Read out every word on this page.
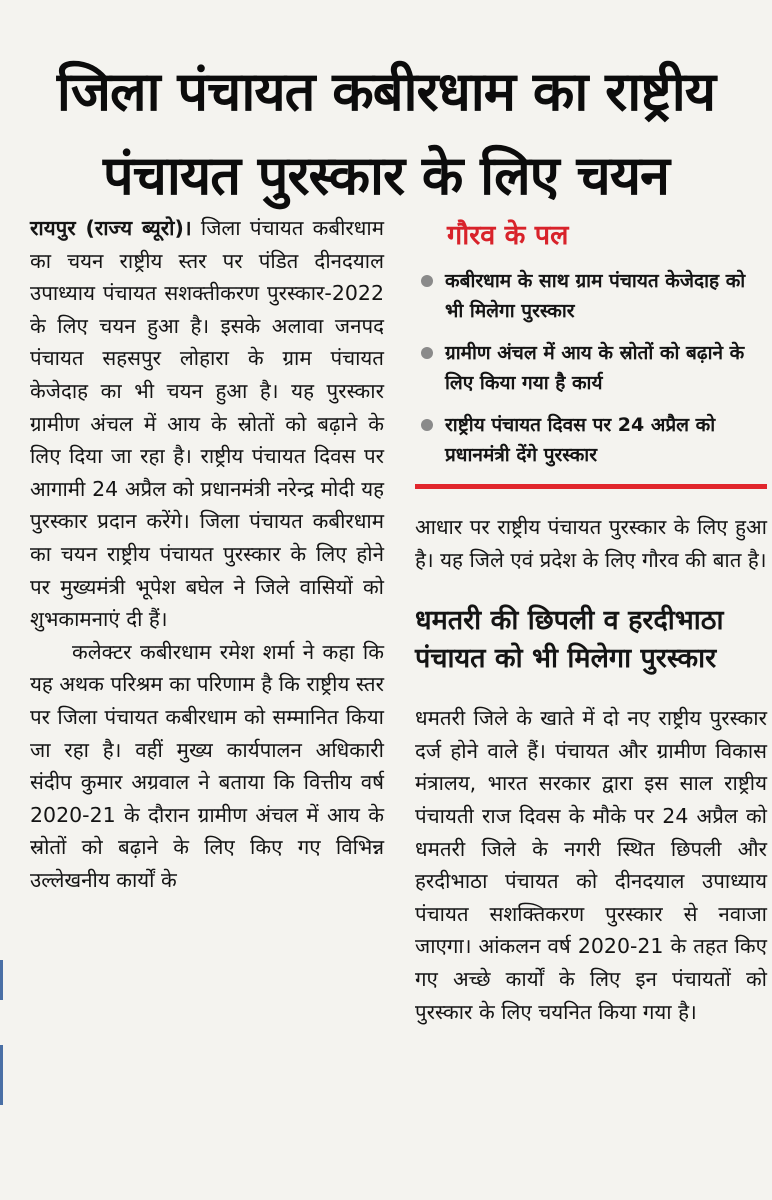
जिला पंचायत कबीरधाम का राष्ट्रीय पंचायत पुरस्कार के लिए चयन

रायपुर (राज्य ब्यूरो)। जिला पंचायत कबीरधाम का चयन राष्ट्रीय स्तर पर पंडित दीनदयाल उपाध्याय पंचायत सशक्तीकरण पुरस्कार-2022 के लिए चयन हुआ है। इसके अलावा जनपद पंचायत सहसपुर लोहारा के ग्राम पंचायत केजेदाह का भी चयन हुआ है। यह पुरस्कार ग्रामीण अंचल में आय के स्रोतों को बढ़ाने के लिए दिया जा रहा है। राष्ट्रीय पंचायत दिवस पर आगामी 24 अप्रैल को प्रधानमंत्री नरेन्द्र मोदी यह पुरस्कार प्रदान करेंगे। जिला पंचायत कबीरधाम का चयन राष्ट्रीय पंचायत पुरस्कार के लिए होने पर मुख्यमंत्री भूपेश बघेल ने जिले वासियों को शुभकामनाएं दी हैं।

कलेक्टर कबीरधाम रमेश शर्मा ने कहा कि यह अथक परिश्रम का परिणाम है कि राष्ट्रीय स्तर पर जिला पंचायत कबीरधाम को सम्मानित किया जा रहा है। वहीं मुख्य कार्यपालन अधिकारी संदीप कुमार अग्रवाल ने बताया कि वित्तीय वर्ष 2020-21 के दौरान ग्रामीण अंचल में आय के स्रोतों को बढ़ाने के लिए किए गए विभिन्न उल्लेखनीय कार्यों के

गौरव के पल
कबीरधाम के साथ ग्राम पंचायत केजेदाह को भी मिलेगा पुरस्कार
ग्रामीण अंचल में आय के स्रोतों को बढ़ाने के लिए किया गया है कार्य
राष्ट्रीय पंचायत दिवस पर 24 अप्रैल को प्रधानमंत्री देंगे पुरस्कार

आधार पर राष्ट्रीय पंचायत पुरस्कार के लिए हुआ है। यह जिले एवं प्रदेश के लिए गौरव की बात है।

धमतरी की छिपली व हरदीभाठा पंचायत को भी मिलेगा पुरस्कार

धमतरी जिले के खाते में दो नए राष्ट्रीय पुरस्कार दर्ज होने वाले हैं। पंचायत और ग्रामीण विकास मंत्रालय, भारत सरकार द्वारा इस साल राष्ट्रीय पंचायती राज दिवस के मौके पर 24 अप्रैल को धमतरी जिले के नगरी स्थित छिपली और हरदीभाठा पंचायत को दीनदयाल उपाध्याय पंचायत सशक्तिकरण पुरस्कार से नवाजा जाएगा। आंकलन वर्ष 2020-21 के तहत किए गए अच्छे कार्यों के लिए इन पंचायतों को पुरस्कार के लिए चयनित किया गया है।
